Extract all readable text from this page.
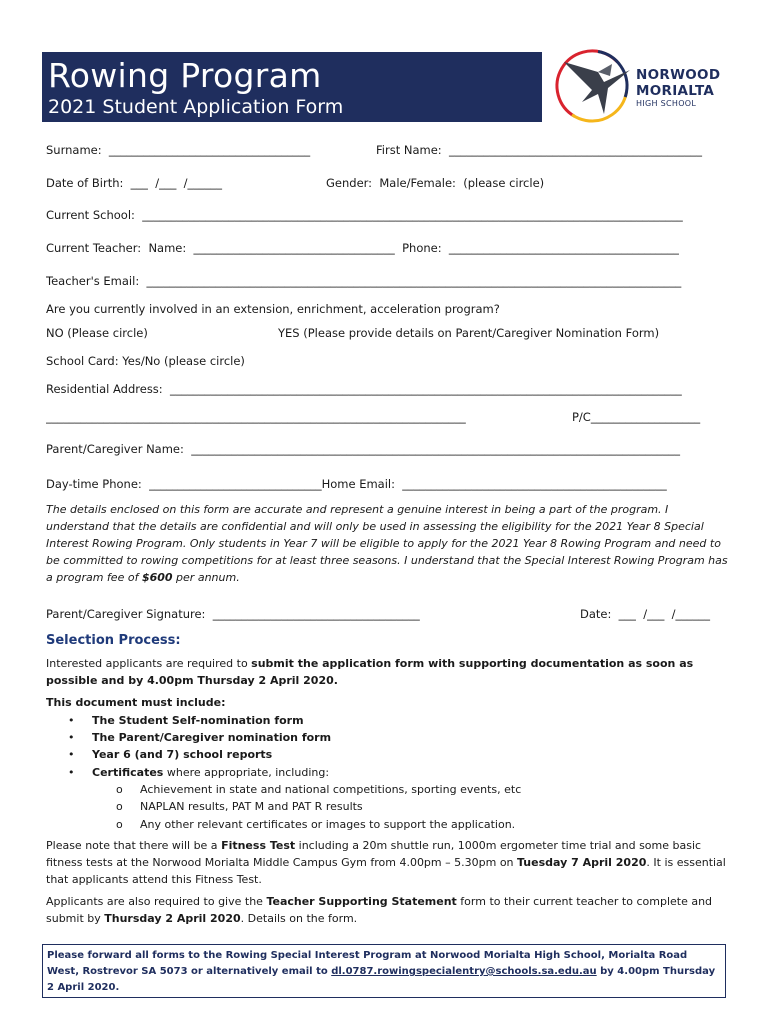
Rowing Program
2021 Student Application Form
NORWOOD
MORIALTA
HIGH SCHOOL
Surname:  ___________________________________	First Name:  ____________________________________________
Date of Birth:  ___  /___  /______	Gender:  Male/Female:  (please circle)
Current School:  ______________________________________________________________________________________________
Current Teacher:  Name:  ___________________________________  Phone:  ________________________________________
Teacher's Email:  _____________________________________________________________________________________________
Are you currently involved in an extension, enrichment, acceleration program?
NO (Please circle)	YES (Please provide details on Parent/Caregiver Nomination Form)
School Card: Yes/No (please circle)
Residential Address:  _________________________________________________________________________________________
_________________________________________________________________________	P/C___________________
Parent/Caregiver Name:  _____________________________________________________________________________________
Day-time Phone:  ______________________________Home Email:  ______________________________________________
The details enclosed on this form are accurate and represent a genuine interest in being a part of the program. I understand that the details are confidential and will only be used in assessing the eligibility for the 2021 Year 8 Special Interest Rowing Program. Only students in Year 7 will be eligible to apply for the 2021 Year 8 Rowing Program and need to be committed to rowing competitions for at least three seasons. I understand that the Special Interest Rowing Program has a program fee of $600 per annum.
Parent/Caregiver Signature:  ____________________________________	Date:  ___  /___  /______
Selection Process:
Interested applicants are required to submit the application form with supporting documentation as soon as possible and by 4.00pm Thursday 2 April 2020.
This document must include:
• The Student Self-nomination form
• The Parent/Caregiver nomination form
• Year 6 (and 7) school reports
• Certificates where appropriate, including:
o Achievement in state and national competitions, sporting events, etc
o NAPLAN results, PAT M and PAT R results
o Any other relevant certificates or images to support the application.
Please note that there will be a Fitness Test including a 20m shuttle run, 1000m ergometer time trial and some basic fitness tests at the Norwood Morialta Middle Campus Gym from 4.00pm – 5.30pm on Tuesday 7 April 2020. It is essential that applicants attend this Fitness Test.
Applicants are also required to give the Teacher Supporting Statement form to their current teacher to complete and submit by Thursday 2 April 2020. Details on the form.
Please forward all forms to the Rowing Special Interest Program at Norwood Morialta High School, Morialta Road West, Rostrevor SA 5073 or alternatively email to dl.0787.rowingspecialentry@schools.sa.edu.au by 4.00pm Thursday 2 April 2020.
